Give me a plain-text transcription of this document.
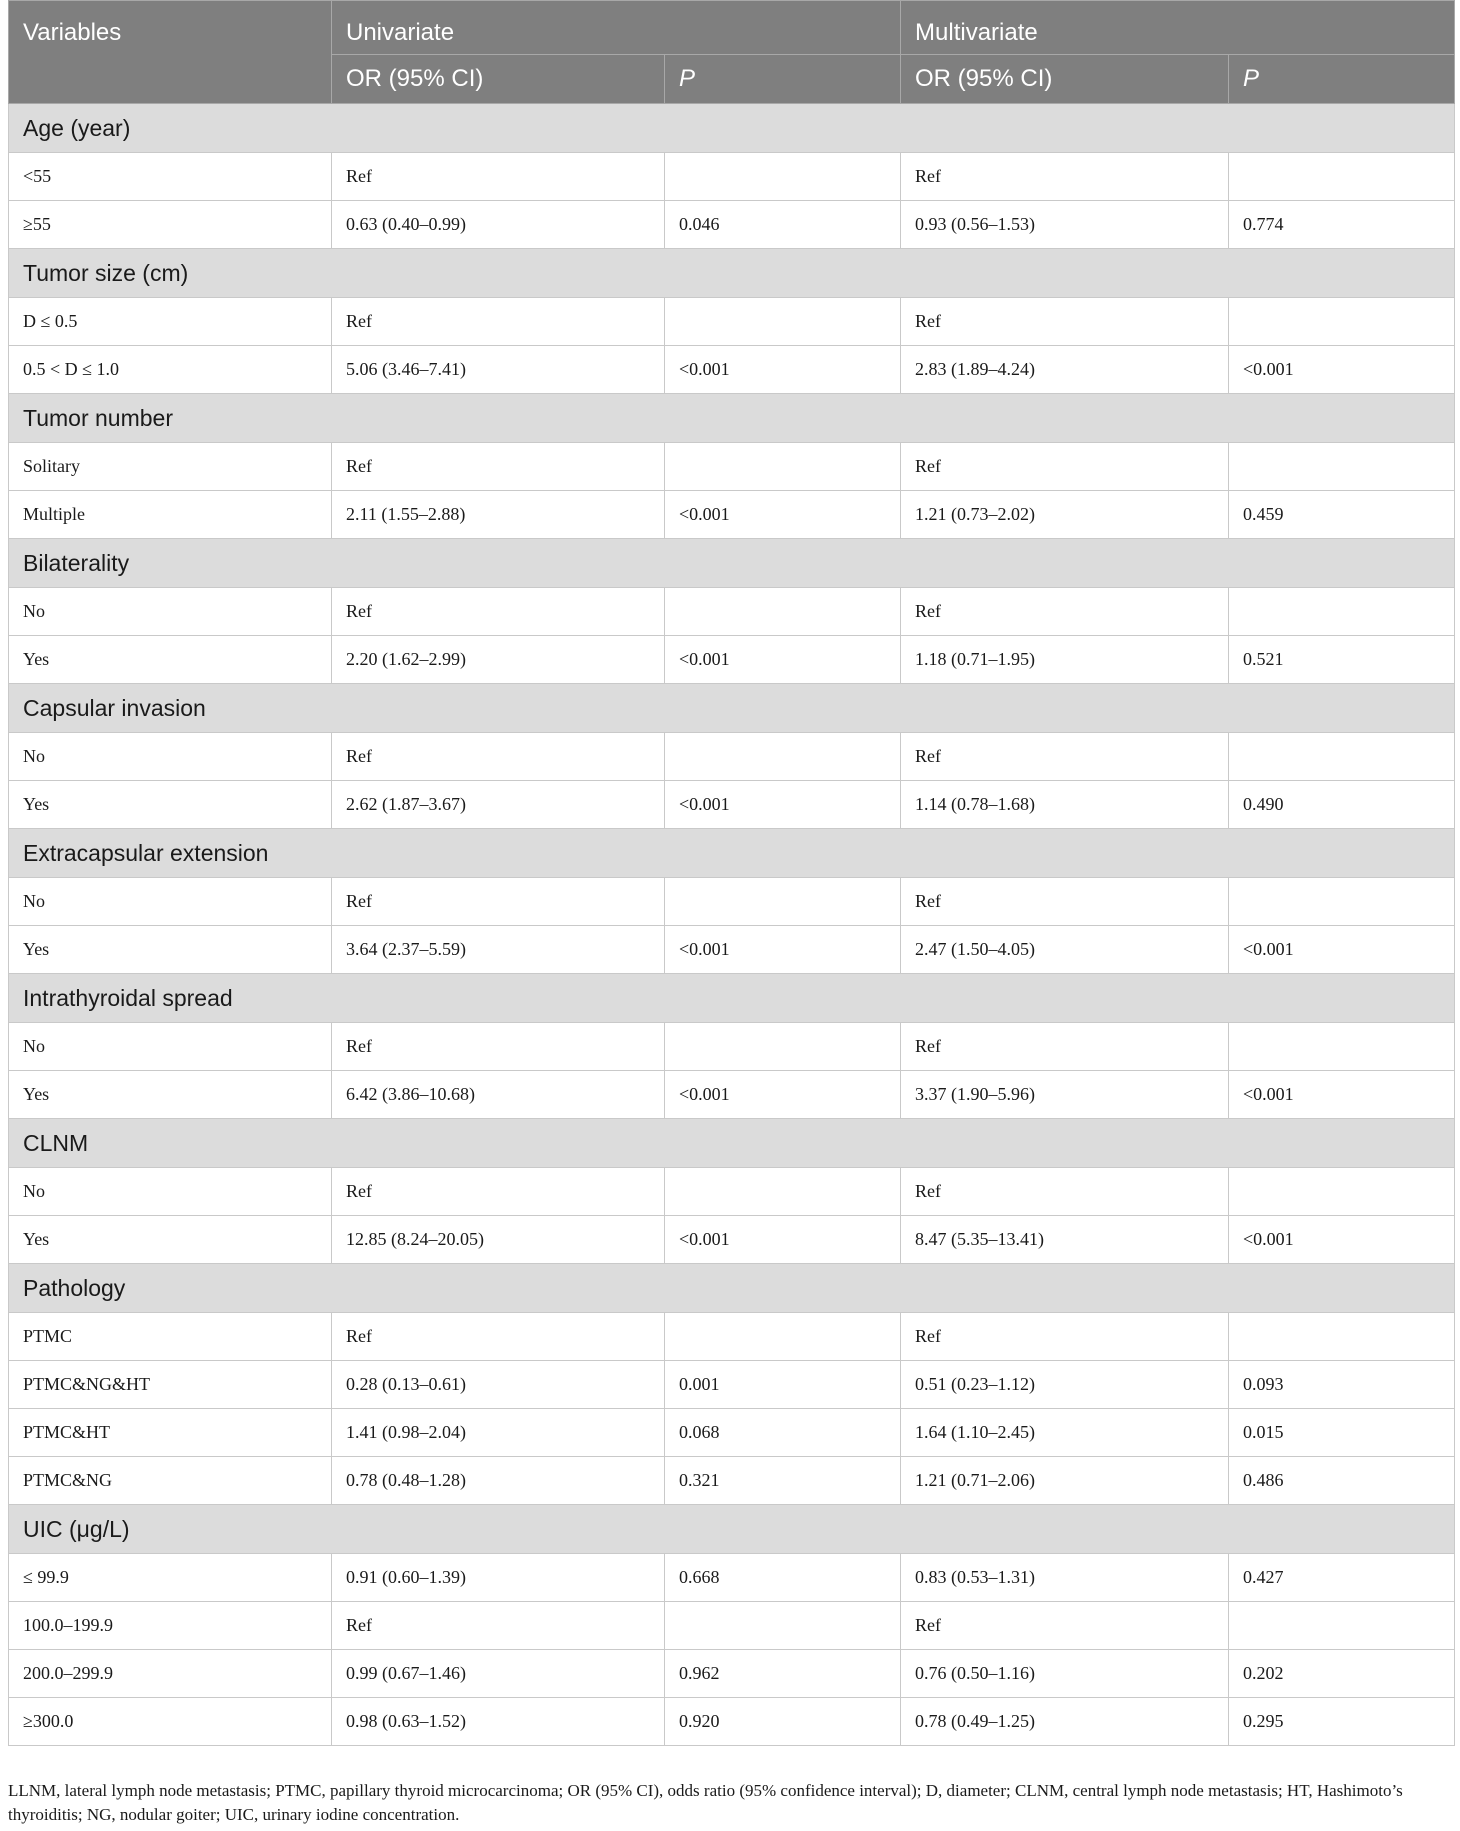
Variables	Univariate		Multivariate	
	OR (95% CI)	P	OR (95% CI)	P
Age (year)				
<55	Ref		Ref	
≥55	0.63 (0.40–0.99)	0.046	0.93 (0.56–1.53)	0.774
Tumor size (cm)				
D ≤ 0.5	Ref		Ref	
0.5 < D ≤ 1.0	5.06 (3.46–7.41)	<0.001	2.83 (1.89–4.24)	<0.001
Tumor number				
Solitary	Ref		Ref	
Multiple	2.11 (1.55–2.88)	<0.001	1.21 (0.73–2.02)	0.459
Bilaterality				
No	Ref		Ref	
Yes	2.20 (1.62–2.99)	<0.001	1.18 (0.71–1.95)	0.521
Capsular invasion				
No	Ref		Ref	
Yes	2.62 (1.87–3.67)	<0.001	1.14 (0.78–1.68)	0.490
Extracapsular extension				
No	Ref		Ref	
Yes	3.64 (2.37–5.59)	<0.001	2.47 (1.50–4.05)	<0.001
Intrathyroidal spread				
No	Ref		Ref	
Yes	6.42 (3.86–10.68)	<0.001	3.37 (1.90–5.96)	<0.001
CLNM				
No	Ref		Ref	
Yes	12.85 (8.24–20.05)	<0.001	8.47 (5.35–13.41)	<0.001
Pathology				
PTMC	Ref		Ref	
PTMC&NG&HT	0.28 (0.13–0.61)	0.001	0.51 (0.23–1.12)	0.093
PTMC&HT	1.41 (0.98–2.04)	0.068	1.64 (1.10–2.45)	0.015
PTMC&NG	0.78 (0.48–1.28)	0.321	1.21 (0.71–2.06)	0.486
UIC (μg/L)				
≤ 99.9	0.91 (0.60–1.39)	0.668	0.83 (0.53–1.31)	0.427
100.0–199.9	Ref		Ref	
200.0–299.9	0.99 (0.67–1.46)	0.962	0.76 (0.50–1.16)	0.202
≥300.0	0.98 (0.63–1.52)	0.920	0.78 (0.49–1.25)	0.295
LLNM, lateral lymph node metastasis; PTMC, papillary thyroid microcarcinoma; OR (95% CI), odds ratio (95% confidence interval); D, diameter; CLNM, central lymph node metastasis; HT, Hashimoto’s thyroiditis; NG, nodular goiter; UIC, urinary iodine concentration.
